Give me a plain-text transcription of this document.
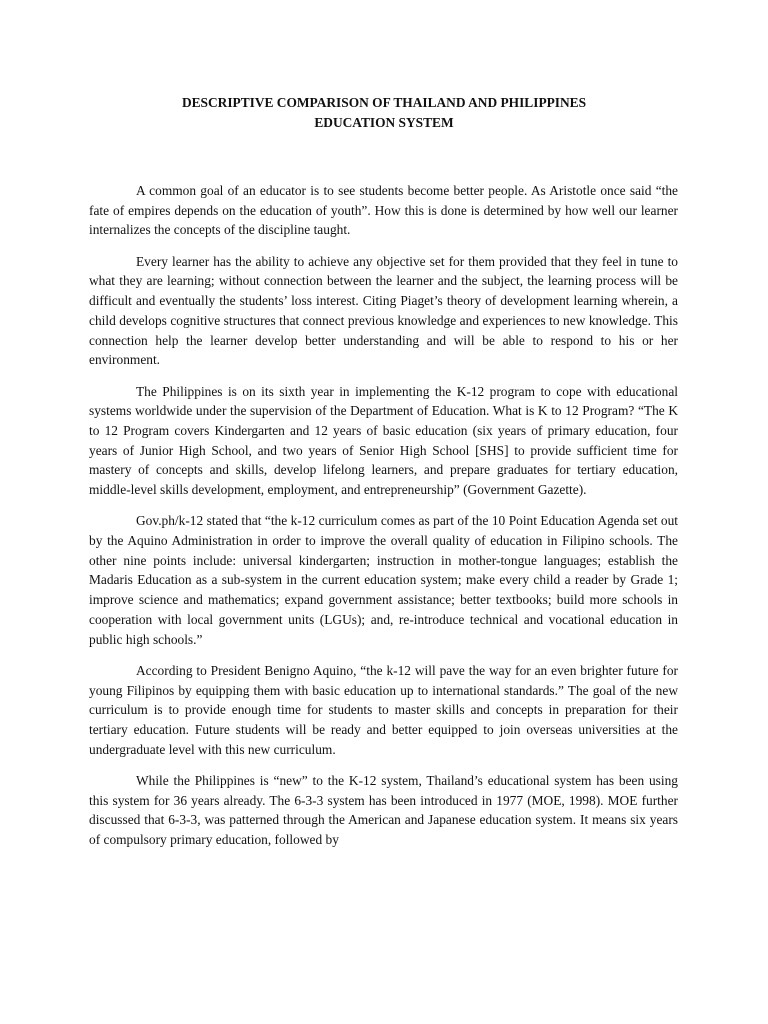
DESCRIPTIVE COMPARISON OF THAILAND AND PHILIPPINES
EDUCATION SYSTEM

A common goal of an educator is to see students become better people. As Aristotle once said “the fate of empires depends on the education of youth”. How this is done is determined by how well our learner internalizes the concepts of the discipline taught.

Every learner has the ability to achieve any objective set for them provided that they feel in tune to what they are learning; without connection between the learner and the subject, the learning process will be difficult and eventually the students’ loss interest. Citing Piaget’s theory of development learning wherein, a child develops cognitive structures that connect previous knowledge and experiences to new knowledge. This connection help the learner develop better understanding and will be able to respond to his or her environment.

The Philippines is on its sixth year in implementing the K-12 program to cope with educational systems worldwide under the supervision of the Department of Education. What is K to 12 Program? “The K to 12 Program covers Kindergarten and 12 years of basic education (six years of primary education, four years of Junior High School, and two years of Senior High School [SHS] to provide sufficient time for mastery of concepts and skills, develop lifelong learners, and prepare graduates for tertiary education, middle-level skills development, employment, and entrepreneurship” (Government Gazette).

Gov.ph/k-12 stated that “the k-12 curriculum comes as part of the 10 Point Education Agenda set out by the Aquino Administration in order to improve the overall quality of education in Filipino schools. The other nine points include: universal kindergarten; instruction in mother-tongue languages; establish the Madaris Education as a sub-system in the current education system; make every child a reader by Grade 1; improve science and mathematics; expand government assistance; better textbooks; build more schools in cooperation with local government units (LGUs); and, re-introduce technical and vocational education in public high schools.”

According to President Benigno Aquino, “the k-12 will pave the way for an even brighter future for young Filipinos by equipping them with basic education up to international standards.” The goal of the new curriculum is to provide enough time for students to master skills and concepts in preparation for their tertiary education. Future students will be ready and better equipped to join overseas universities at the undergraduate level with this new curriculum.

While the Philippines is “new” to the K-12 system, Thailand’s educational system has been using this system for 36 years already. The 6-3-3 system has been introduced in 1977 (MOE, 1998). MOE further discussed that 6-3-3, was patterned through the American and Japanese education system. It means six years of compulsory primary education, followed by
